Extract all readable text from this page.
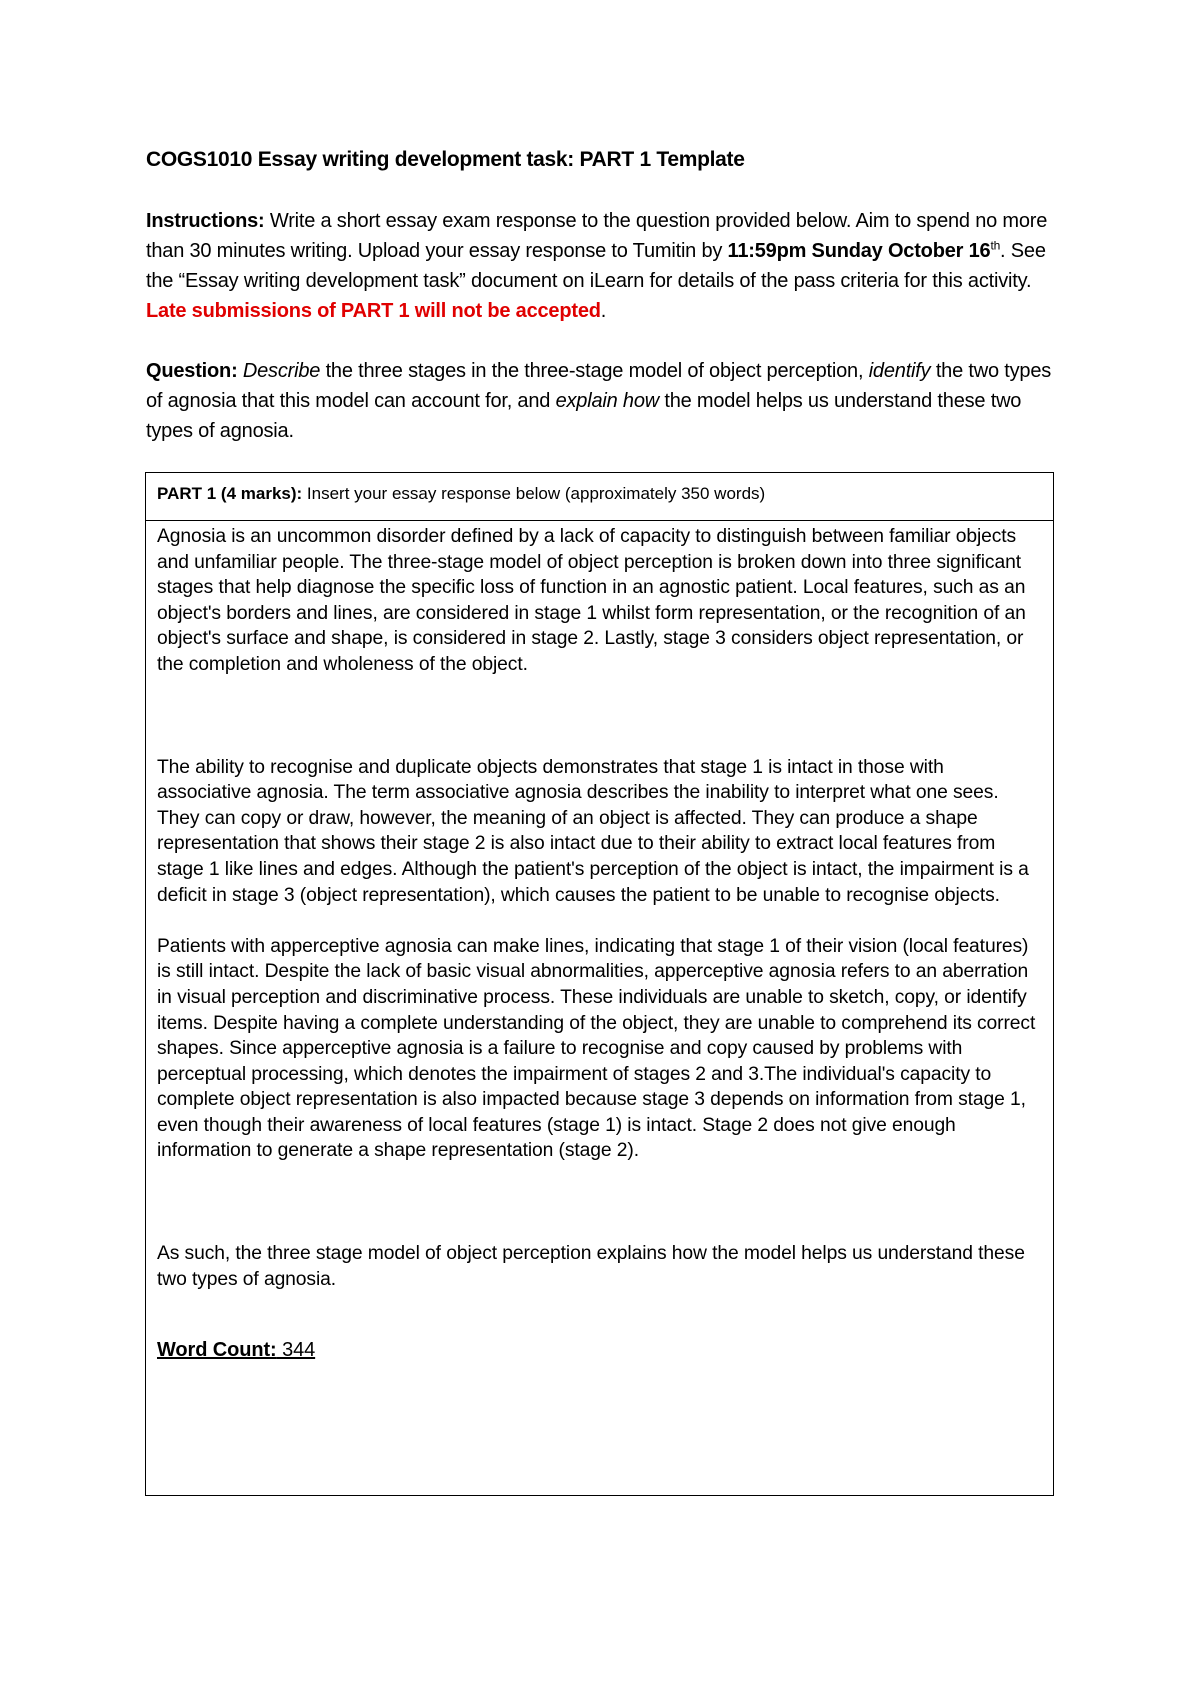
COGS1010 Essay writing development task: PART 1 Template
Instructions: Write a short essay exam response to the question provided below. Aim to spend no more than 30 minutes writing. Upload your essay response to Tumitin by 11:59pm Sunday October 16th. See the “Essay writing development task” document on iLearn for details of the pass criteria for this activity. Late submissions of PART 1 will not be accepted.
Question: Describe the three stages in the three-stage model of object perception, identify the two types of agnosia that this model can account for, and explain how the model helps us understand these two types of agnosia.
PART 1 (4 marks): Insert your essay response below (approximately 350 words)

Agnosia is an uncommon disorder defined by a lack of capacity to distinguish between familiar objects and unfamiliar people. The three-stage model of object perception is broken down into three significant stages that help diagnose the specific loss of function in an agnostic patient. Local features, such as an object's borders and lines, are considered in stage 1 whilst form representation, or the recognition of an object's surface and shape, is considered in stage 2. Lastly, stage 3 considers object representation, or the completion and wholeness of the object.

The ability to recognise and duplicate objects demonstrates that stage 1 is intact in those with associative agnosia. The term associative agnosia describes the inability to interpret what one sees. They can copy or draw, however, the meaning of an object is affected. They can produce a shape representation that shows their stage 2 is also intact due to their ability to extract local features from stage 1 like lines and edges. Although the patient's perception of the object is intact, the impairment is a deficit in stage 3 (object representation), which causes the patient to be unable to recognise objects.

Patients with apperceptive agnosia can make lines, indicating that stage 1 of their vision (local features) is still intact. Despite the lack of basic visual abnormalities, apperceptive agnosia refers to an aberration in visual perception and discriminative process. These individuals are unable to sketch, copy, or identify items. Despite having a complete understanding of the object, they are unable to comprehend its correct shapes. Since apperceptive agnosia is a failure to recognise and copy caused by problems with perceptual processing, which denotes the impairment of stages 2 and 3.The individual's capacity to complete object representation is also impacted because stage 3 depends on information from stage 1, even though their awareness of local features (stage 1) is intact. Stage 2 does not give enough information to generate a shape representation (stage 2).

As such, the three stage model of object perception explains how the model helps us understand these two types of agnosia.

Word Count: 344
